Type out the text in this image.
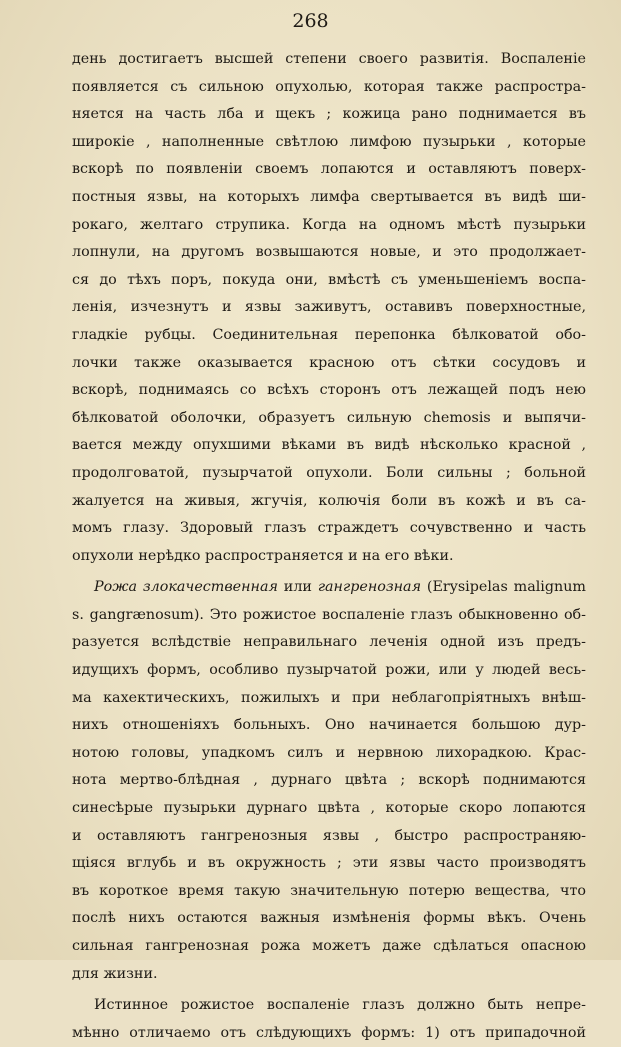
268
день достигаетъ высшей степени своего развитія. Воспаленіе
появляется съ сильною опухолью, которая также распростра-
няется на часть лба и щекъ ; кожица рано поднимается въ
широкіе , наполненные свѣтлою лимфою пузырьки , которые
вскорѣ по появленіи своемъ лопаются и оставляютъ поверх-
постныя язвы, на которыхъ лимфа свертывается въ видѣ ши-
рокаго, желтаго струпика. Когда на одномъ мѣстѣ пузырьки
лопнули, на другомъ возвышаются новые, и это продолжает-
ся до тѣхъ поръ, покуда они, вмѣстѣ съ уменьшеніемъ воспа-
ленія, изчезнутъ и язвы заживутъ, оставивъ поверхностные,
гладкіе рубцы. Соединительная перепонка бѣлковатой обо-
лочки также оказывается красною отъ сѣтки сосудовъ и
вскорѣ, поднимаясь со всѣхъ сторонъ отъ лежащей подъ нею
бѣлковатой оболочки, образуетъ сильную chemosis и выпячи-
вается между опухшими вѣками въ видѣ нѣсколько красной ,
продолговатой, пузырчатой опухоли. Боли сильны ; больной
жалуется на живыя, жгучія, колючія боли въ кожѣ и въ са-
момъ глазу. Здоровый глазъ страждетъ сочувственно и часть
опухоли нерѣдко распространяется и на его вѣки.
Рожа злокачественная или гангренозная (Erysipelas malignum
s. gangrænosum). Это рожистое воспаленіе глазъ обыкновенно об-
разуется вслѣдствіе неправильнаго леченія одной изъ предъ-
идущихъ формъ, особливо пузырчатой рожи, или у людей весь-
ма кахектическихъ, пожилыхъ и при неблагопріятныхъ внѣш-
нихъ отношеніяхъ больныхъ. Оно начинается большою дур-
нотою головы, упадкомъ силъ и нервною лихорадкою. Крас-
нота мертво-блѣдная , дурнаго цвѣта ; вскорѣ поднимаются
синесѣрые пузырьки дурнаго цвѣта , которые скоро лопаются
и оставляютъ гангренозныя язвы , быстро распространяю-
щіяся вглубь и въ окружность ; эти язвы часто производятъ
въ короткое время такую значительную потерю вещества, что
послѣ нихъ остаются важныя измѣненія формы вѣкъ. Очень
сильная гангренозная рожа можетъ даже сдѣлаться опасною
для жизни.
Истинное рожистое воспаленіе глазъ должно быть непре-
мѣнно отличаемо отъ слѣдующихъ формъ: 1) отъ припадочной
